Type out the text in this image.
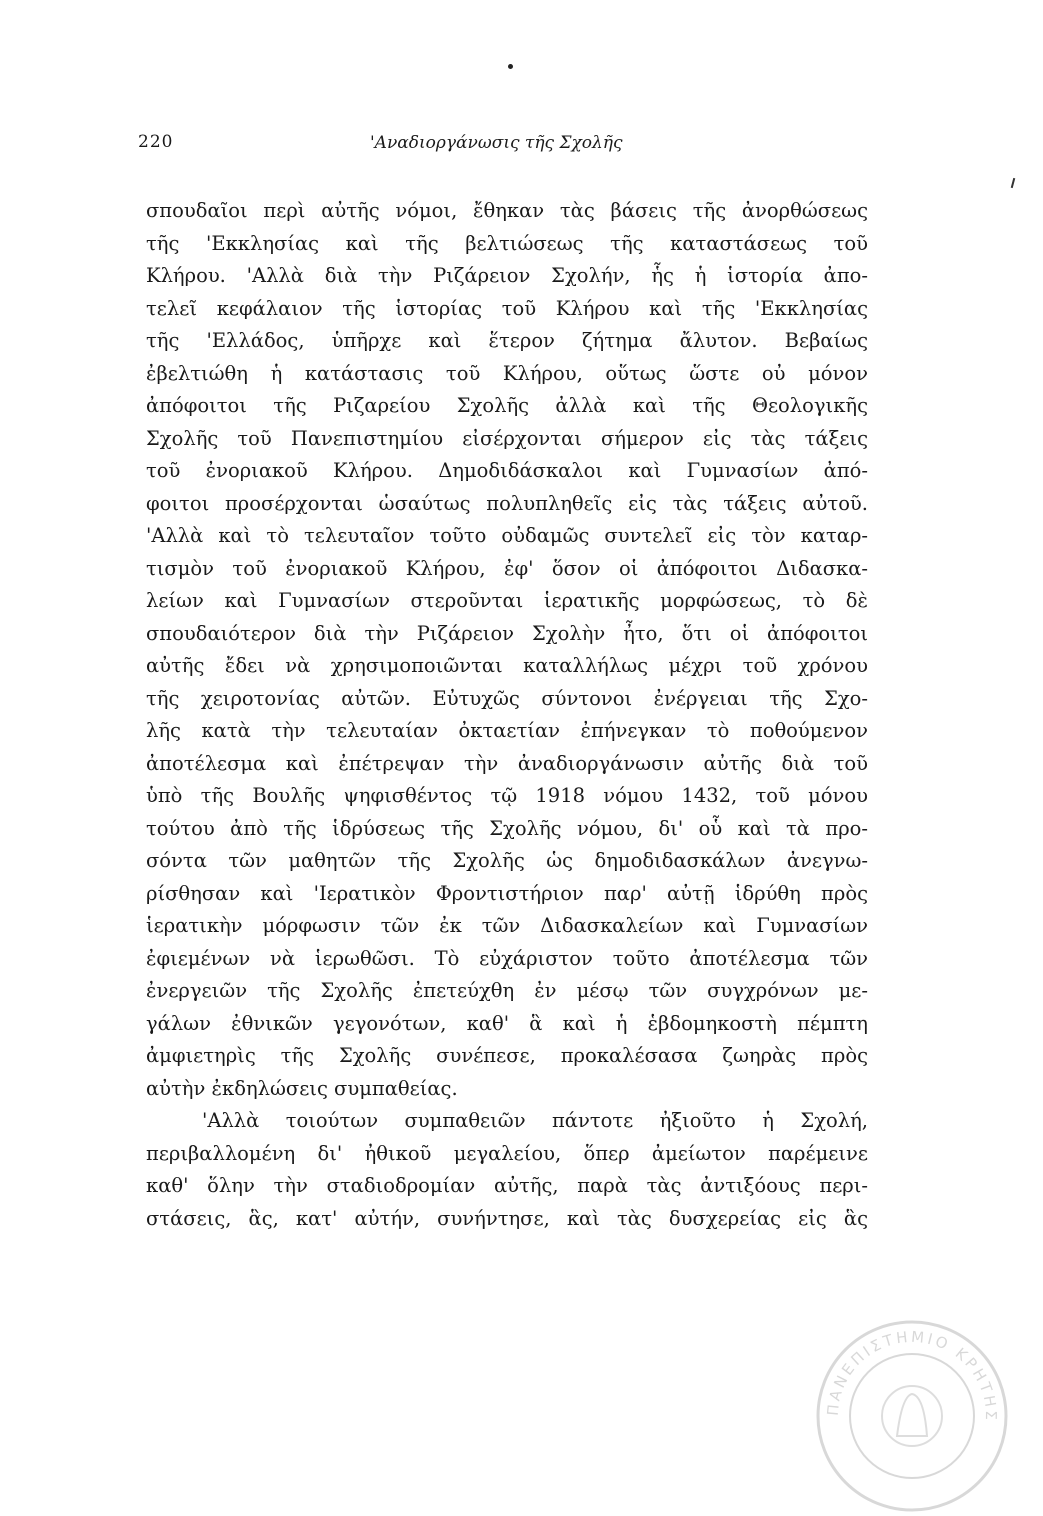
220	'Αναδιοργάνωσις τῆς Σχολῆς
σπουδαῖοι περὶ αὐτῆς νόμοι, ἔθηκαν τὰς βάσεις τῆς ἀνορθώσεως
τῆς 'Εκκλησίας καὶ τῆς βελτιώσεως τῆς καταστάσεως τοῦ
Κλήρου. 'Αλλὰ διὰ τὴν Ριζάρειον Σχολήν, ἧς ἡ ἱστορία ἀπο-
τελεῖ κεφάλαιον τῆς ἱστορίας τοῦ Κλήρου καὶ τῆς 'Εκκλησίας
τῆς 'Ελλάδος, ὑπῆρχε καὶ ἕτερον ζήτημα ἄλυτον. Βεβαίως
ἐβελτιώθη ἡ κατάστασις τοῦ Κλήρου, οὕτως ὥστε οὐ μόνον
ἀπόφοιτοι τῆς Ριζαρείου Σχολῆς ἀλλὰ καὶ τῆς Θεολογικῆς
Σχολῆς τοῦ Πανεπιστημίου εἰσέρχονται σήμερον εἰς τὰς τάξεις
τοῦ ἐνοριακοῦ Κλήρου. Δημοδιδάσκαλοι καὶ Γυμνασίων ἀπό-
φοιτοι προσέρχονται ὡσαύτως πολυπληθεῖς εἰς τὰς τάξεις αὐτοῦ.
'Αλλὰ καὶ τὸ τελευταῖον τοῦτο οὐδαμῶς συντελεῖ εἰς τὸν καταρ-
τισμὸν τοῦ ἐνοριακοῦ Κλήρου, ἐφ' ὅσον οἱ ἀπόφοιτοι Διδασκα-
λείων καὶ Γυμνασίων στεροῦνται ἱερατικῆς μορφώσεως, τὸ δὲ
σπουδαιότερον διὰ τὴν Ριζάρειον Σχολὴν ἦτο, ὅτι οἱ ἀπόφοιτοι
αὐτῆς ἔδει νὰ χρησιμοποιῶνται καταλλήλως μέχρι τοῦ χρόνου
τῆς χειροτονίας αὐτῶν. Εὐτυχῶς σύντονοι ἐνέργειαι τῆς Σχο-
λῆς κατὰ τὴν τελευταίαν ὀκταετίαν ἐπήνεγκαν τὸ ποθούμενον
ἀποτέλεσμα καὶ ἐπέτρεψαν τὴν ἀναδιοργάνωσιν αὐτῆς διὰ τοῦ
ὑπὸ τῆς Βουλῆς ψηφισθέντος τῷ 1918 νόμου 1432, τοῦ μόνου
τούτου ἀπὸ τῆς ἱδρύσεως τῆς Σχολῆς νόμου, δι' οὗ καὶ τὰ προ-
σόντα τῶν μαθητῶν τῆς Σχολῆς ὡς δημοδιδασκάλων ἀνεγνω-
ρίσθησαν καὶ 'Ιερατικὸν Φροντιστήριον παρ' αὐτῇ ἱδρύθη πρὸς
ἱερατικὴν μόρφωσιν τῶν ἐκ τῶν Διδασκαλείων καὶ Γυμνασίων
ἐφιεμένων νὰ ἱερωθῶσι. Τὸ εὐχάριστον τοῦτο ἀποτέλεσμα τῶν
ἐνεργειῶν τῆς Σχολῆς ἐπετεύχθη ἐν μέσῳ τῶν συγχρόνων με-
γάλων ἐθνικῶν γεγονότων, καθ' ἃ καὶ ἡ ἑβδομηκοστὴ πέμπτη
ἀμφιετηρὶς τῆς Σχολῆς συνέπεσε, προκαλέσασα ζωηρὰς πρὸς
αὐτὴν ἐκδηλώσεις συμπαθείας.
'Αλλὰ τοιούτων συμπαθειῶν πάντοτε ἠξιοῦτο ἡ Σχολή,
περιβαλλομένη δι' ἠθικοῦ μεγαλείου, ὅπερ ἀμείωτον παρέμεινε
καθ' ὅλην τὴν σταδιοδρομίαν αὐτῆς, παρὰ τὰς ἀντιξόους περι-
στάσεις, ἃς, κατ' αὐτήν, συνήντησε, καὶ τὰς δυσχερείας εἰς ἃς
ΠΑΝΕΠΙΣΤΗΜΙΟ ΚΡΗΤΗΣ
